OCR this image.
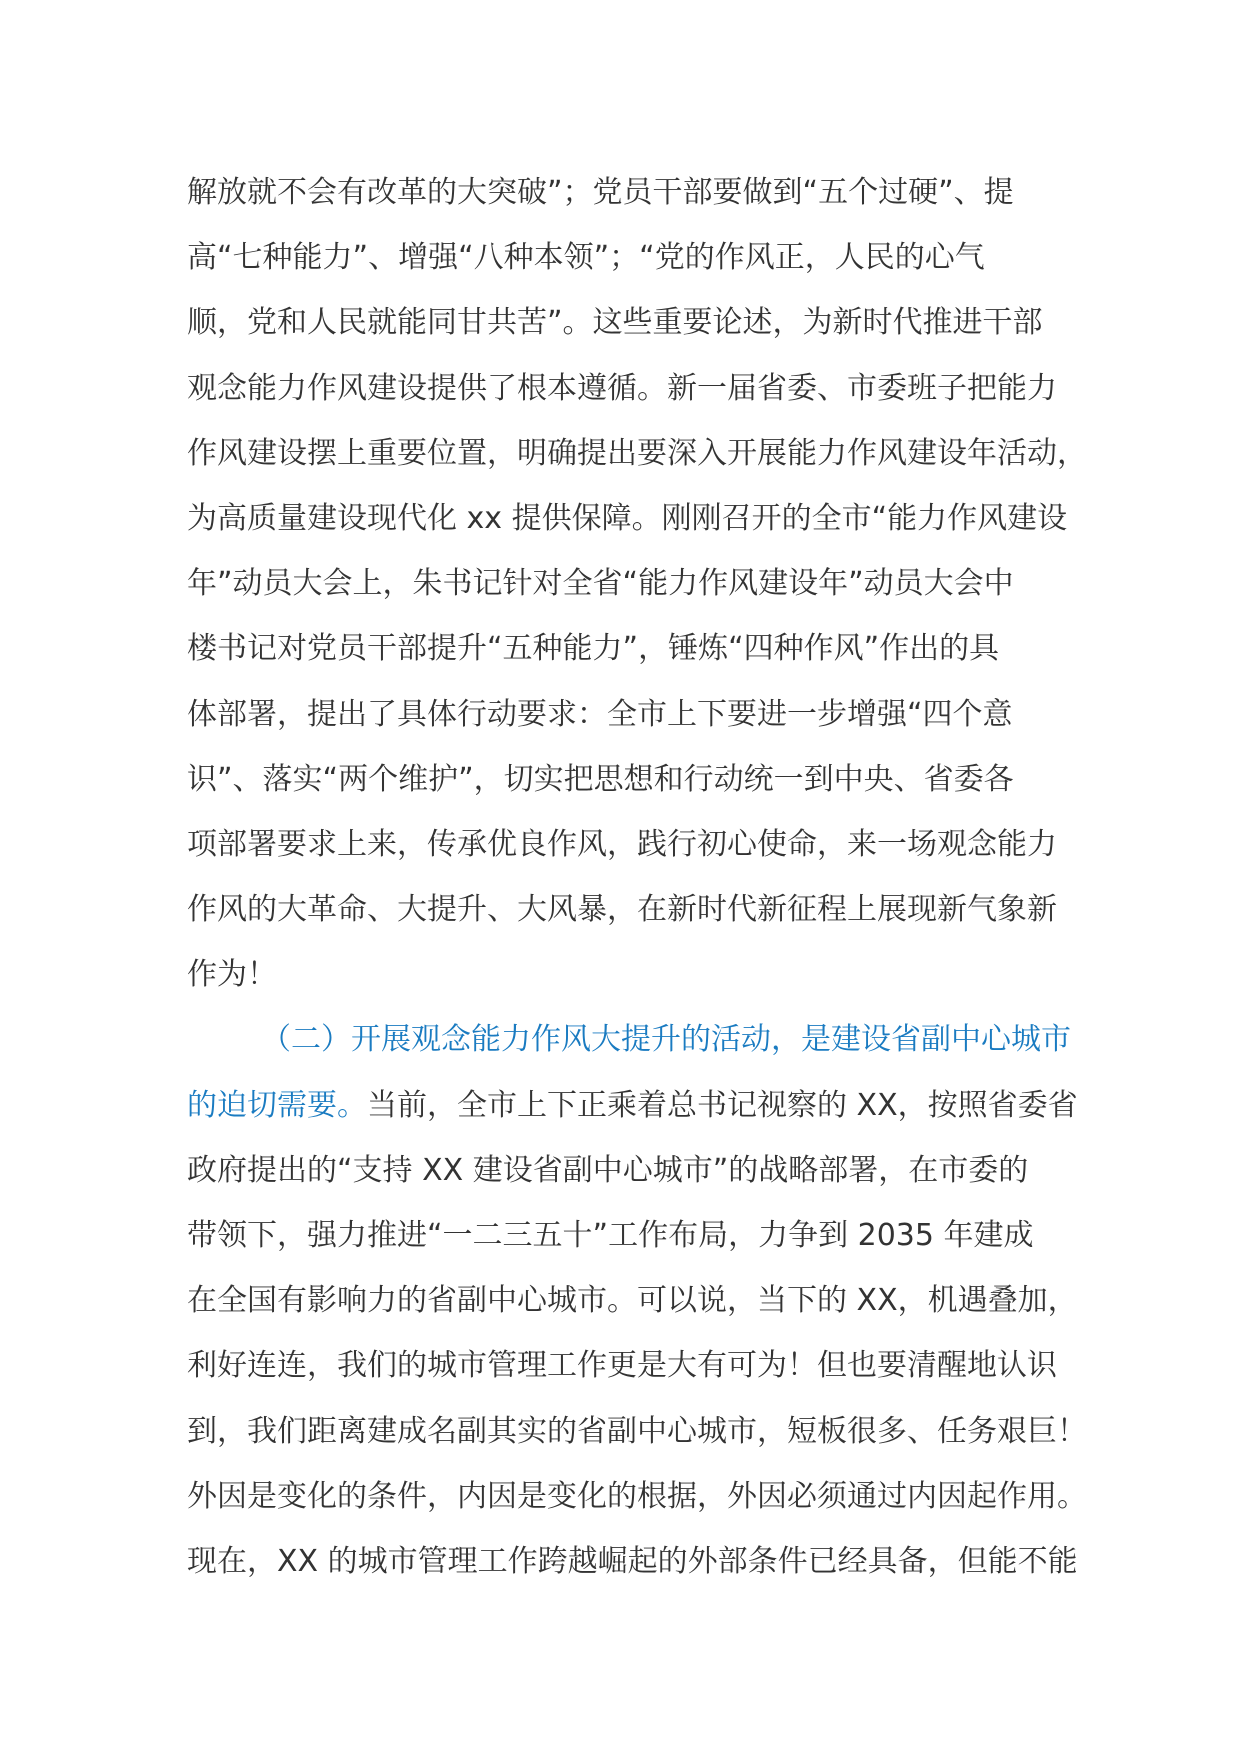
解放就不会有改革的大突破”；党员干部要做到“五个过硬”、提
高“七种能力”、增强“八种本领”；“党的作风正，人民的心气
顺，党和人民就能同甘共苦”。这些重要论述，为新时代推进干部
观念能力作风建设提供了根本遵循。新一届省委、市委班子把能力
作风建设摆上重要位置，明确提出要深入开展能力作风建设年活动，
为高质量建设现代化 xx 提供保障。刚刚召开的全市“能力作风建设
年”动员大会上，朱书记针对全省“能力作风建设年”动员大会中
楼书记对党员干部提升“五种能力”，锤炼“四种作风”作出的具
体部署，提出了具体行动要求：全市上下要进一步增强“四个意
识”、落实“两个维护”，切实把思想和行动统一到中央、省委各
项部署要求上来，传承优良作风，践行初心使命，来一场观念能力
作风的大革命、大提升、大风暴，在新时代新征程上展现新气象新
作为！
（二）开展观念能力作风大提升的活动，是建设省副中心城市
的迫切需要。当前，全市上下正乘着总书记视察的 XX，按照省委省
政府提出的“支持 XX 建设省副中心城市”的战略部署，在市委的
带领下，强力推进“一二三五十”工作布局，力争到 2035 年建成
在全国有影响力的省副中心城市。可以说，当下的 XX，机遇叠加，
利好连连，我们的城市管理工作更是大有可为！但也要清醒地认识
到，我们距离建成名副其实的省副中心城市，短板很多、任务艰巨！
外因是变化的条件，内因是变化的根据，外因必须通过内因起作用。
现在，XX 的城市管理工作跨越崛起的外部条件已经具备，但能不能
